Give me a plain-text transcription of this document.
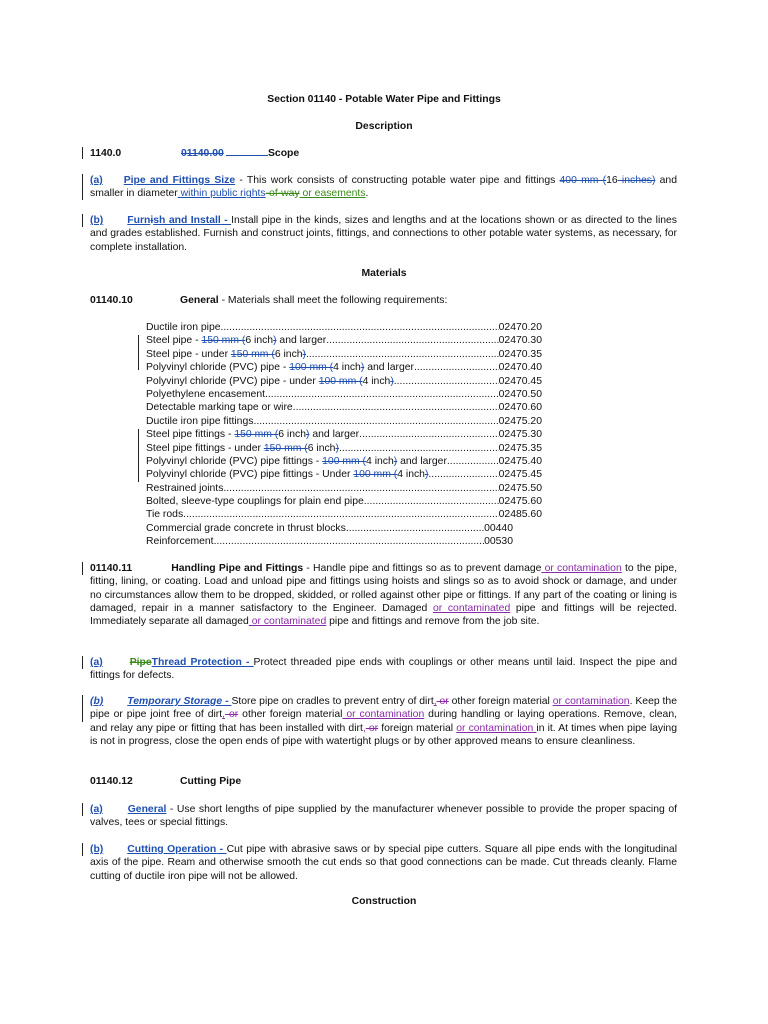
Section 01140 - Potable Water Pipe and Fittings
Description
1140.0	01140.00	Scope
(a) Pipe and Fittings Size - This work consists of constructing potable water pipe and fittings 400 mm (16 inches) and smaller in diameter within public rights-of-way or easements.
(b) Furnish and Install - Install pipe in the kinds, sizes and lengths and at the locations shown or as directed to the lines and grades established. Furnish and construct joints, fittings, and connections to other potable water systems, as necessary, for complete installation.
Materials
01140.10	General - Materials shall meet the following requirements:
Ductile iron pipe .....	02470.20
Steel pipe - 150 mm (6 inch) and larger .....	02470.30
Steel pipe - under 150 mm (6 inch) .....	02470.35
Polyvinyl chloride (PVC) pipe - 100 mm (4 inch) and larger .....	02470.40
Polyvinyl chloride (PVC) pipe - under 100 mm (4 inch) .....	02470.45
Polyethylene encasement .....	02470.50
Detectable marking tape or wire .....	02470.60
Ductile iron pipe fittings .....	02475.20
Steel pipe fittings - 150 mm (6 inch) and larger .....	02475.30
Steel pipe fittings - under 150 mm (6 inch) .....	02475.35
Polyvinyl chloride (PVC) pipe fittings - 100 mm (4 inch) and larger .....	02475.40
Polyvinyl chloride (PVC) pipe fittings - Under 100 mm (4 inch) .....	02475.45
Restrained joints .....	02475.50
Bolted, sleeve-type couplings for plain end pipe .....	02475.60
Tie rods .....	02485.60
Commercial grade concrete in thrust blocks .....	00440
Reinforcement .....	00530
01140.11	Handling Pipe and Fittings - Handle pipe and fittings so as to prevent damage or contamination to the pipe, fitting, lining, or coating. Load and unload pipe and fittings using hoists and slings so as to avoid shock or damage, and under no circumstances allow them to be dropped, skidded, or rolled against other pipe or fittings. If any part of the coating or lining is damaged, repair in a manner satisfactory to the Engineer. Damaged or contaminated pipe and fittings will be rejected. Immediately separate all damaged or contaminated pipe and fittings and remove from the job site.
(a)	PipeThread Protection - Protect threaded pipe ends with couplings or other means until laid. Inspect the pipe and fittings for defects.
(b) Temporary Storage - Store pipe on cradles to prevent entry of dirt, or other foreign material or contamination. Keep the pipe or pipe joint free of dirt, or other foreign material or contamination during handling or laying operations. Remove, clean, and relay any pipe or fitting that has been installed with dirt, or foreign material or contamination in it. At times when pipe laying is not in progress, close the open ends of pipe with watertight plugs or by other approved means to ensure cleanliness.
01140.12	Cutting Pipe
(a) General - Use short lengths of pipe supplied by the manufacturer whenever possible to provide the proper spacing of valves, tees or special fittings.
(b) Cutting Operation - Cut pipe with abrasive saws or by special pipe cutters. Square all pipe ends with the longitudinal axis of the pipe. Ream and otherwise smooth the cut ends so that good connections can be made. Cut threads cleanly. Flame cutting of ductile iron pipe will not be allowed.
Construction
